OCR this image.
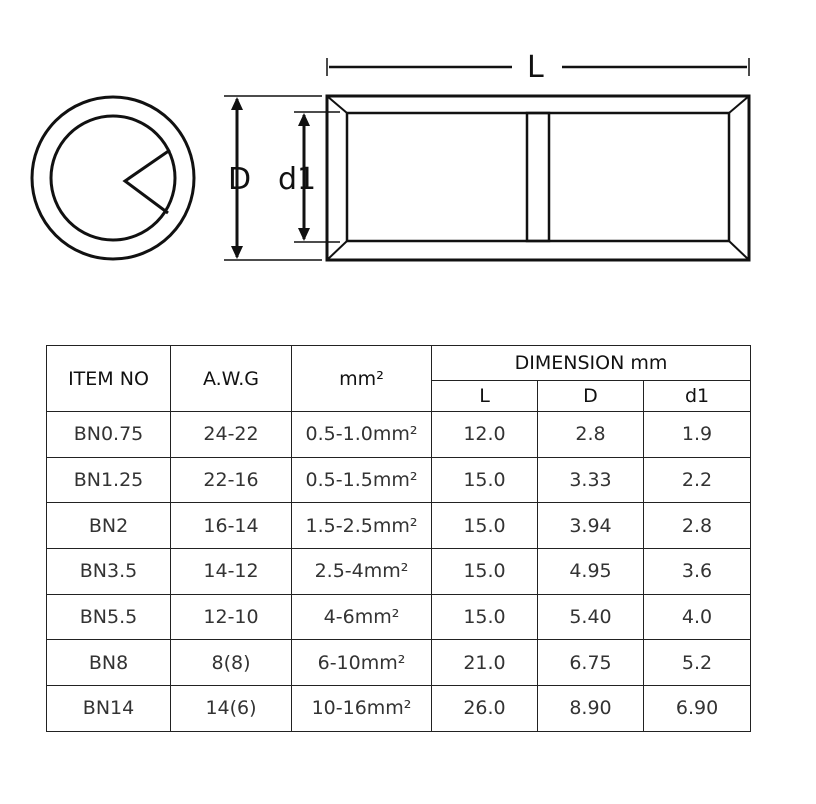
D d1
L
ITEM NO	A.W.G	mm²	DIMENSION mm		
			L	D	d1
BN0.75	24-22	0.5-1.0mm²	12.0	2.8	1.9
BN1.25	22-16	0.5-1.5mm²	15.0	3.33	2.2
BN2	16-14	1.5-2.5mm²	15.0	3.94	2.8
BN3.5	14-12	2.5-4mm²	15.0	4.95	3.6
BN5.5	12-10	4-6mm²	15.0	5.40	4.0
BN8	8(8)	6-10mm²	21.0	6.75	5.2
BN14	14(6)	10-16mm²	26.0	8.90	6.90
